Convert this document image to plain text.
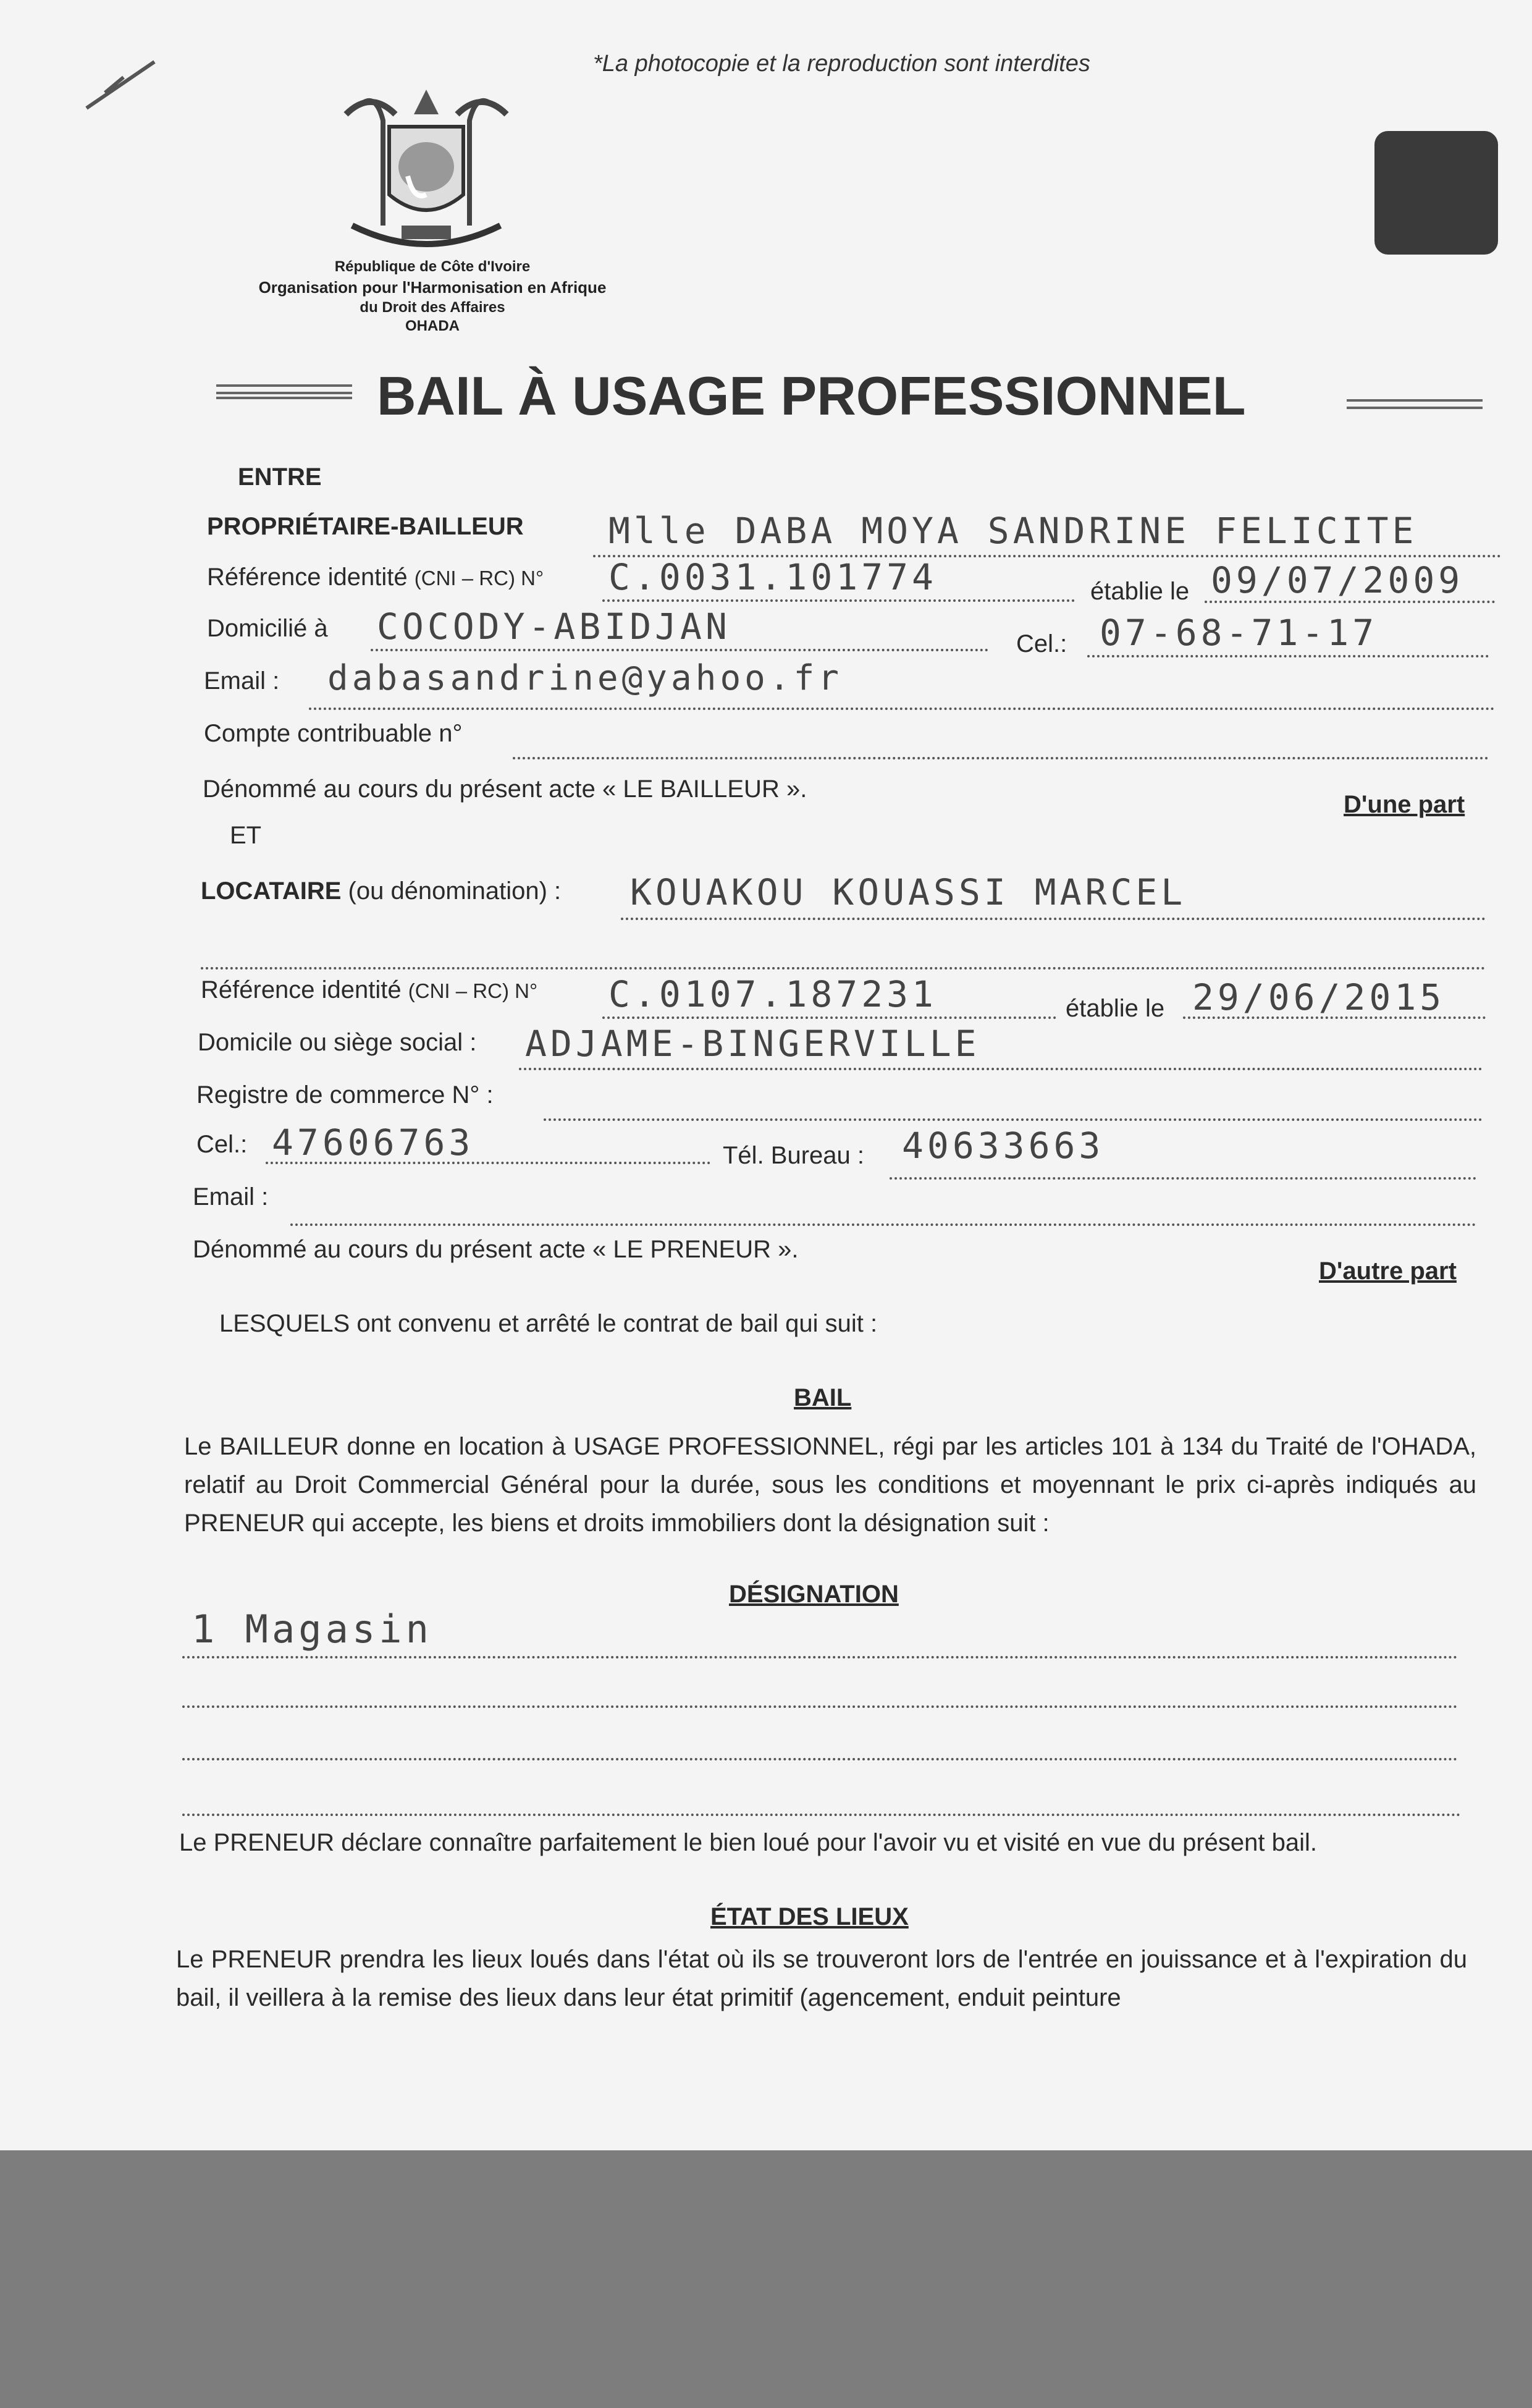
*La photocopie et la reproduction sont interdites
République de Côte d'Ivoire
Organisation pour l'Harmonisation en Afrique
du Droit des Affaires
OHADA
BAIL À USAGE PROFESSIONNEL
ENTRE
PROPRIÉTAIRE-BAILLEUR Mlle DABA MOYA SANDRINE FELICITE
Référence identité (CNI – RC) N° C.0031.101774	établie le 09/07/2009
Domicilié à COCODY-ABIDJAN	Cel.: 07-68-71-17
Email : dabasandrine@yahoo.fr
Compte contribuable n°
Dénommé au cours du présent acte « LE BAILLEUR ».
D'une part
ET
LOCATAIRE (ou dénomination) : KOUAKOU KOUASSI MARCEL
Référence identité (CNI – RC) N° C.0107.187231	établie le 29/06/2015
Domicile ou siège social : ADJAME-BINGERVILLE
Registre de commerce N° :
Cel.: 47606763	Tél. Bureau : 40633663
Email :
Dénommé au cours du présent acte « LE PRENEUR ».
D'autre part
LESQUELS ont convenu et arrêté le contrat de bail qui suit :
BAIL
Le BAILLEUR donne en location à USAGE PROFESSIONNEL, régi par les articles 101 à 134 du Traité de l'OHADA, relatif au Droit Commercial Général pour la durée, sous les conditions et moyennant le prix ci-après indiqués au PRENEUR qui accepte, les biens et droits immobiliers dont la désignation suit :
DÉSIGNATION
1 Magasin
Le PRENEUR déclare connaître parfaitement le bien loué pour l'avoir vu et visité en vue du présent bail.
ÉTAT DES LIEUX
Le PRENEUR prendra les lieux loués dans l'état où ils se trouveront lors de l'entrée en jouissance et à l'expiration du bail, il veillera à la remise des lieux dans leur état primitif (agencement, enduit peinture
